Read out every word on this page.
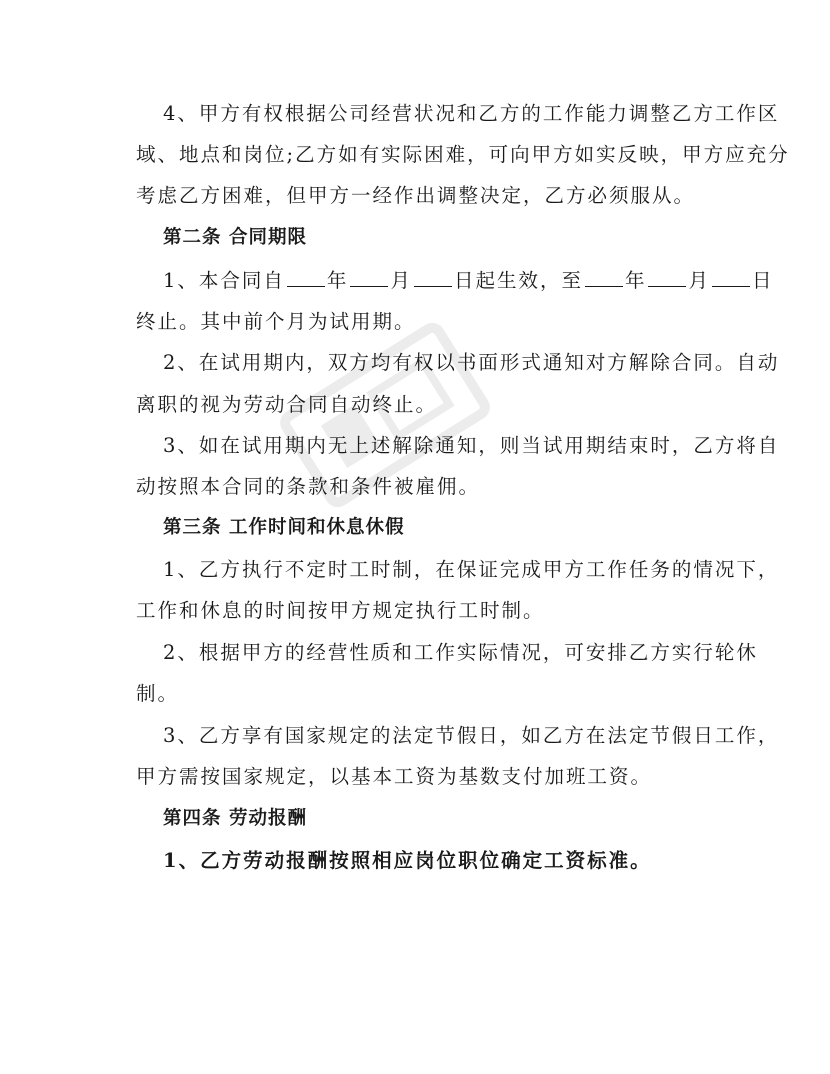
4、甲方有权根据公司经营状况和乙方的工作能力调整乙方工作区
域、地点和岗位;乙方如有实际困难，可向甲方如实反映，甲方应充分
考虑乙方困难，但甲方一经作出调整决定，乙方必须服从。
第二条 合同期限
1、本合同自 年 月 日起生效，至 年 月 日
终止。其中前个月为试用期。
2、在试用期内，双方均有权以书面形式通知对方解除合同。自动
离职的视为劳动合同自动终止。
3、如在试用期内无上述解除通知，则当试用期结束时，乙方将自
动按照本合同的条款和条件被雇佣。
第三条 工作时间和休息休假
1、乙方执行不定时工时制，在保证完成甲方工作任务的情况下，
工作和休息的时间按甲方规定执行工时制。
2、根据甲方的经营性质和工作实际情况，可安排乙方实行轮休
制。
3、乙方享有国家规定的法定节假日，如乙方在法定节假日工作，
甲方需按国家规定，以基本工资为基数支付加班工资。
第四条 劳动报酬
1、乙方劳动报酬按照相应岗位职位确定工资标准。
